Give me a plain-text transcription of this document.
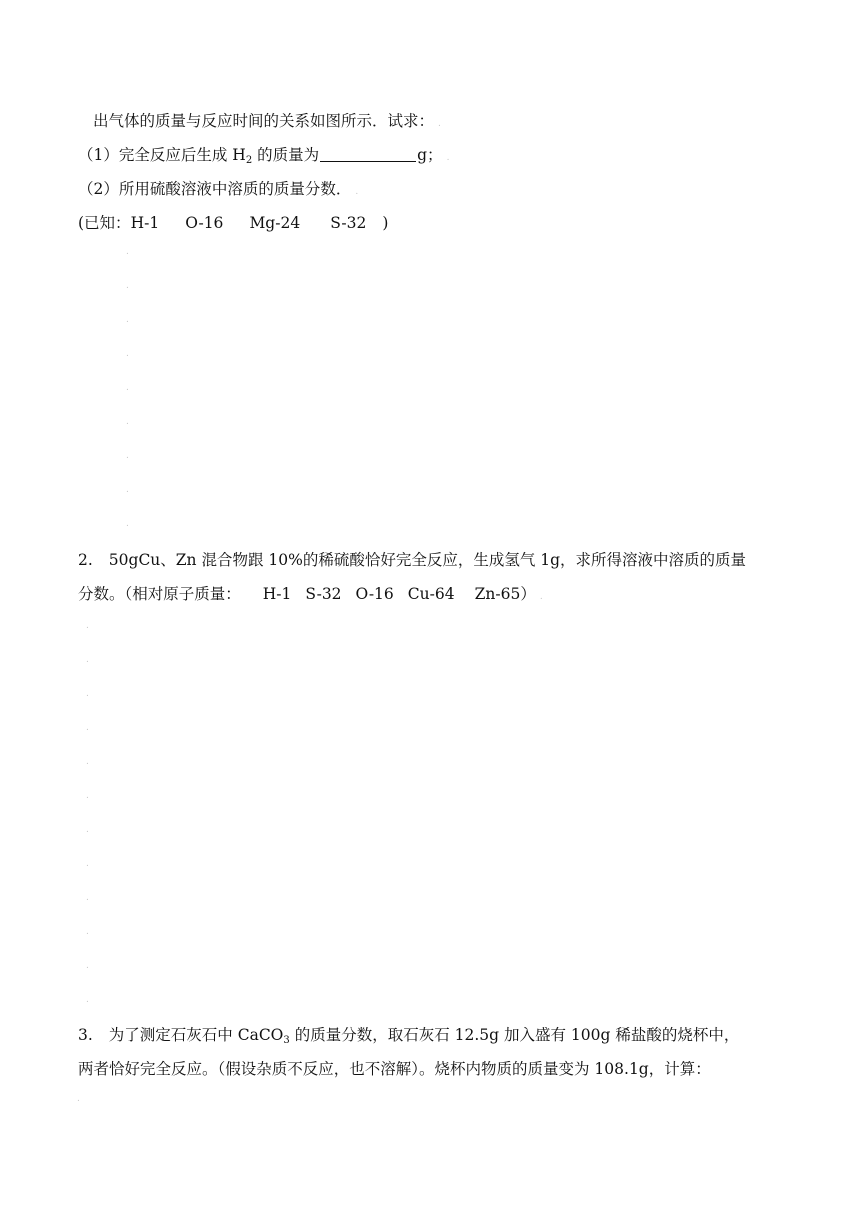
出气体的质量与反应时间的关系如图所示．试求： .
（1）完全反应后生成 $H_2$ 的质量为	g； .
（2）所用硫酸溶液中溶质的质量分数． .
(已知：H-1 O-16 Mg-24 S-32 )
.
.
.
.
.
.
.
.
.
2. 50gCu、Zn 混合物跟 10%的稀硫酸恰好完全反应，生成氢气 1g，求所得溶液中溶质的质量
分数。（相对原子质量： H-1 S-32 O-16 Cu-64 Zn-65） .
.
.
.
.
.
.
.
.
.
.
.
.
3. 为了测定石灰石中 CaCO$_3$ 的质量分数，取石灰石 12.5g 加入盛有 100g 稀盐酸的烧杯中，
两者恰好完全反应。（假设杂质不反应，也不溶解）。烧杯内物质的质量变为 108.1g，计算：
.
